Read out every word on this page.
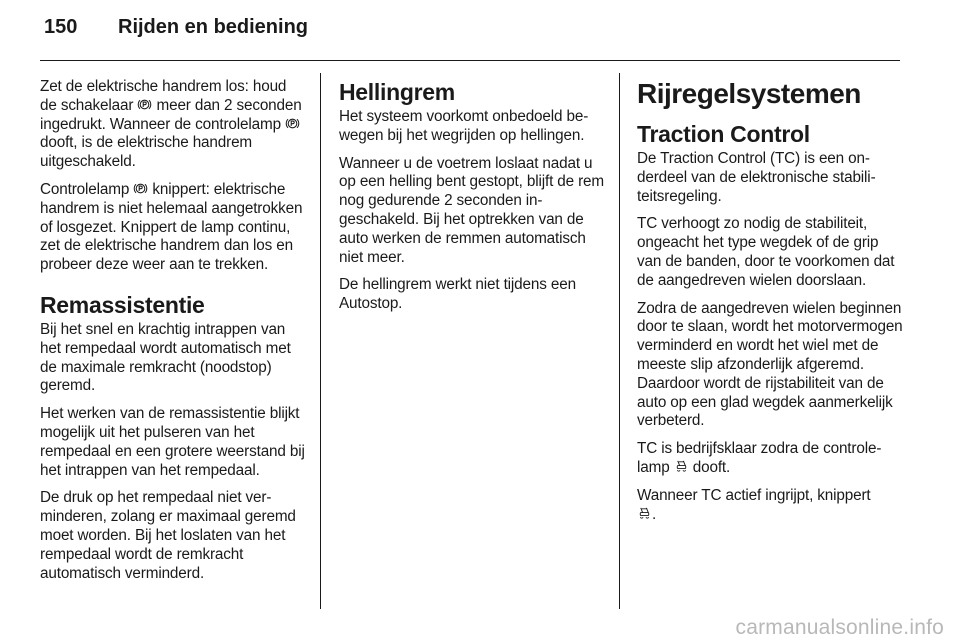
150	Rijden en bediening

Zet de elektrische handrem los: houd de schakelaar
meer dan 2 seconden ingedrukt. Wanneer de controlelamp
dooft, is de elektrische handrem uitgeschakeld.

Controlelamp
knippert: elektrische handrem is niet helemaal aangetrokken of losgezet. Knippert de lamp continu, zet de elektrische handrem dan los en probeer deze weer aan te trekken.

Remassistentie

Bij het snel en krachtig intrappen van het rempedaal wordt automatisch met de maximale remkracht (noodstop) geremd.

Het werken van de remassistentie blijkt mogelijk uit het pulseren van het rempedaal en een grotere weerstand bij het intrappen van het rempedaal.

De druk op het rempedaal niet verminderen, zolang er maximaal geremd moet worden. Bij het loslaten van het rempedaal wordt de remkracht automatisch verminderd.

Hellingrem

Het systeem voorkomt onbedoeld bewegen bij het wegrijden op hellingen.

Wanneer u de voetrem loslaat nadat u op een helling bent gestopt, blijft de rem nog gedurende 2 seconden ingeschakeld. Bij het optrekken van de auto werken de remmen automatisch niet meer.

De hellingrem werkt niet tijdens een Autostop.

Rijregelsystemen
Traction Control

De Traction Control (TC) is een onderdeel van de elektronische stabiliteitsregeling.

TC verhoogt zo nodig de stabiliteit, ongeacht het type wegdek of de grip van de banden, door te voorkomen dat de aangedreven wielen doorslaan.

Zodra de aangedreven wielen beginnen door te slaan, wordt het motorvermogen verminderd en wordt het wiel met de meeste slip afzonderlijk afgeremd. Daardoor wordt de rijstabiliteit van de auto op een glad wegdek aanmerkelijk verbeterd.

TC is bedrijfsklaar zodra de controlelamp
dooft.

Wanneer TC actief ingrijpt, knippert

.

carmanualsonline.info
